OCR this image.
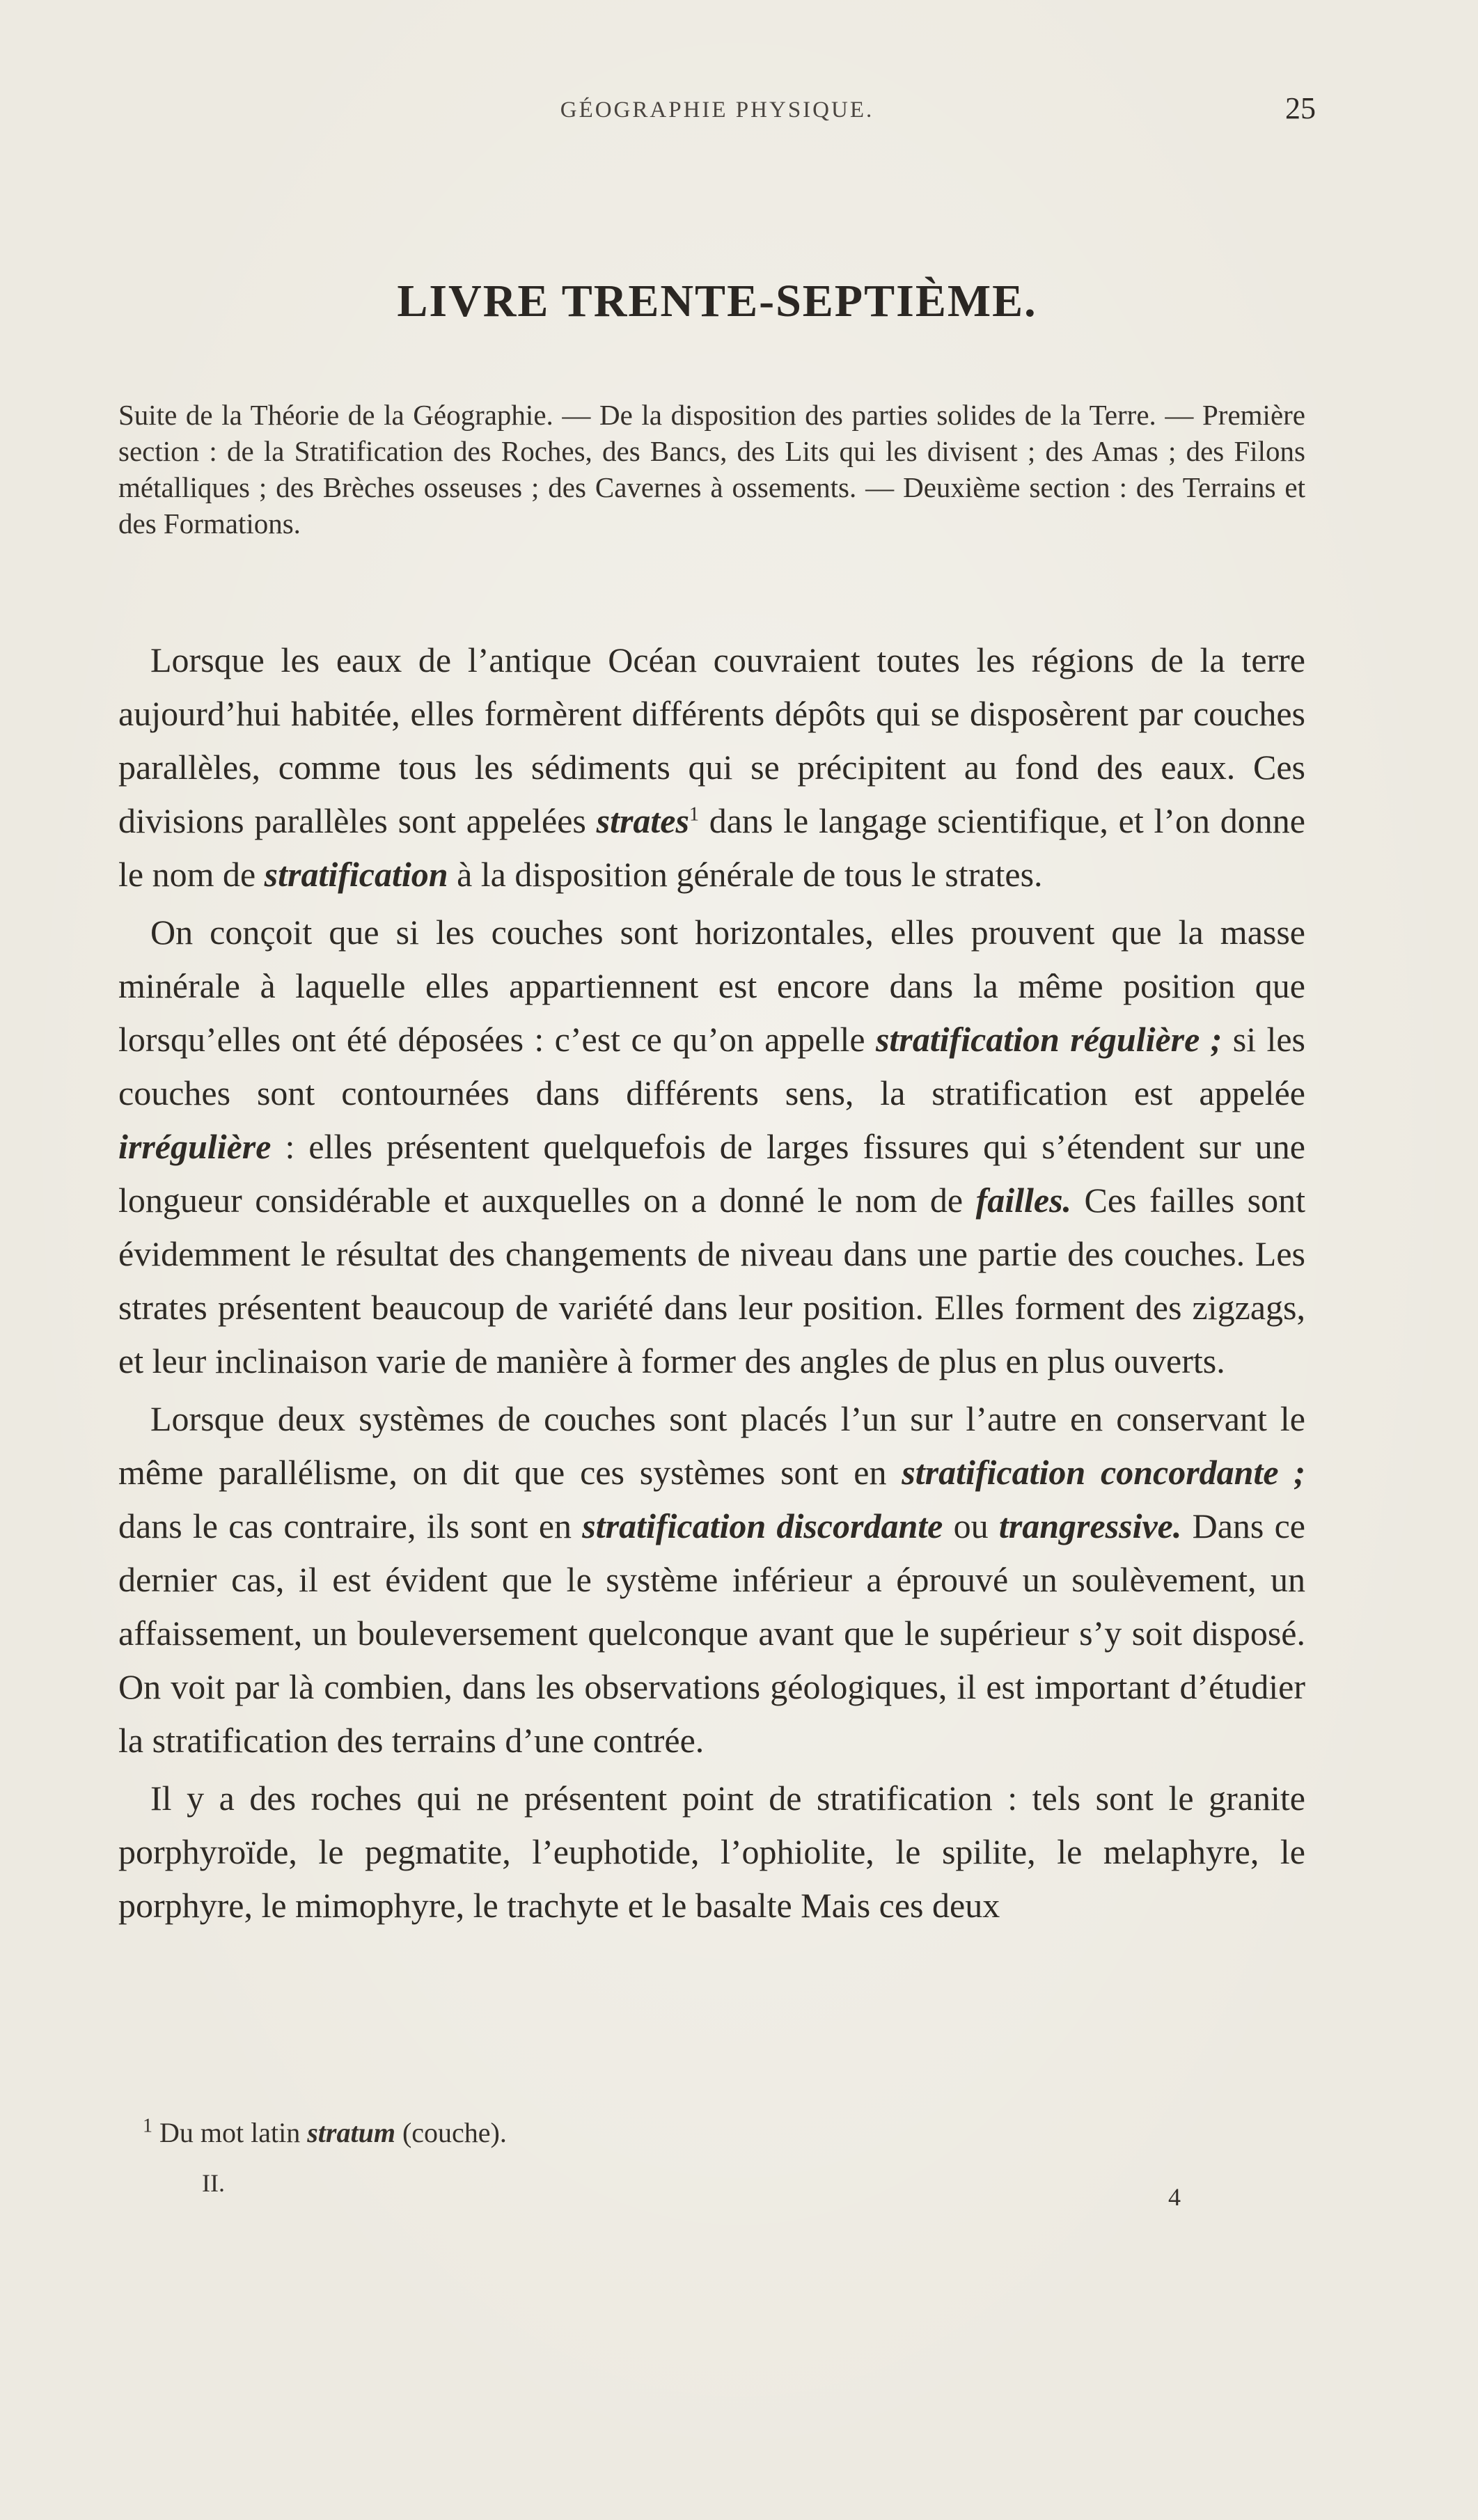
GÉOGRAPHIE PHYSIQUE.	25
LIVRE TRENTE-SEPTIÈME.
Suite de la Théorie de la Géographie. — De la disposition des parties solides de la Terre. — Première section : de la Stratification des Roches, des Bancs, des Lits qui les divisent ; des Amas ; des Filons métalliques ; des Brèches osseuses ; des Cavernes à ossements. — Deuxième section : des Terrains et des Formations.

Lorsque les eaux de l’antique Océan couvraient toutes les régions de la terre aujourd’hui habitée, elles formèrent différents dépôts qui se disposèrent par couches parallèles, comme tous les sédiments qui se précipitent au fond des eaux. Ces divisions parallèles sont appelées strates$^1$ dans le langage scientifique, et l’on donne le nom de stratification à la disposition générale de tous le strates.

On conçoit que si les couches sont horizontales, elles prouvent que la masse minérale à laquelle elles appartiennent est encore dans la même position que lorsqu’elles ont été déposées : c’est ce qu’on appelle stratification régulière ; si les couches sont contournées dans différents sens, la stratification est appelée irrégulière : elles présentent quelquefois de larges fissures qui s’étendent sur une longueur considérable et auxquelles on a donné le nom de failles. Ces failles sont évidemment le résultat des changements de niveau dans une partie des couches. Les strates présentent beaucoup de variété dans leur position. Elles forment des zigzags, et leur inclinaison varie de manière à former des angles de plus en plus ouverts.

Lorsque deux systèmes de couches sont placés l’un sur l’autre en conservant le même parallélisme, on dit que ces systèmes sont en stratification concordante ; dans le cas contraire, ils sont en stratification discordante ou trangressive. Dans ce dernier cas, il est évident que le système inférieur a éprouvé un soulèvement, un affaissement, un bouleversement quelconque avant que le supérieur s’y soit disposé. On voit par là combien, dans les observations géologiques, il est important d’étudier la stratification des terrains d’une contrée.

Il y a des roches qui ne présentent point de stratification : tels sont le granite porphyroïde, le pegmatite, l’euphotide, l’ophiolite, le spilite, le melaphyre, le porphyre, le mimophyre, le trachyte et le basalte Mais ces deux

$^1$ Du mot latin stratum (couche).
II.	4
